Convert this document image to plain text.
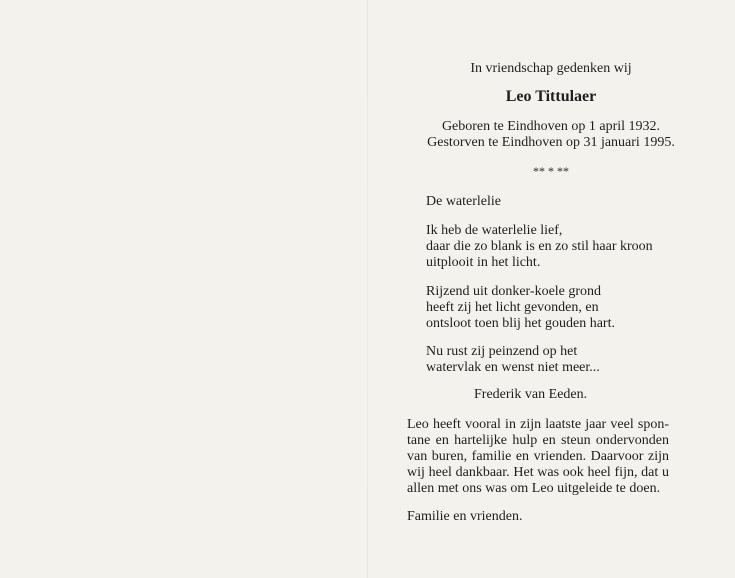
In vriendschap gedenken wij
Leo Tittulaer
Geboren te Eindhoven op 1 april 1932.
Gestorven te Eindhoven op 31 januari 1995.
** * **
De waterlelie
Ik heb de waterlelie lief,
daar die zo blank is en zo stil haar kroon
uitplooit in het licht.
Rijzend uit donker-koele grond
heeft zij het licht gevonden, en
ontsloot toen blij het gouden hart.
Nu rust zij peinzend op het
watervlak en wenst niet meer...
Frederik van Eeden.
Leo heeft vooral in zijn laatste jaar veel spon-
tane en hartelijke hulp en steun ondervonden
van buren, familie en vrienden. Daarvoor zijn
wij heel dankbaar. Het was ook heel fijn, dat u
allen met ons was om Leo uitgeleide te doen.
Familie en vrienden.
